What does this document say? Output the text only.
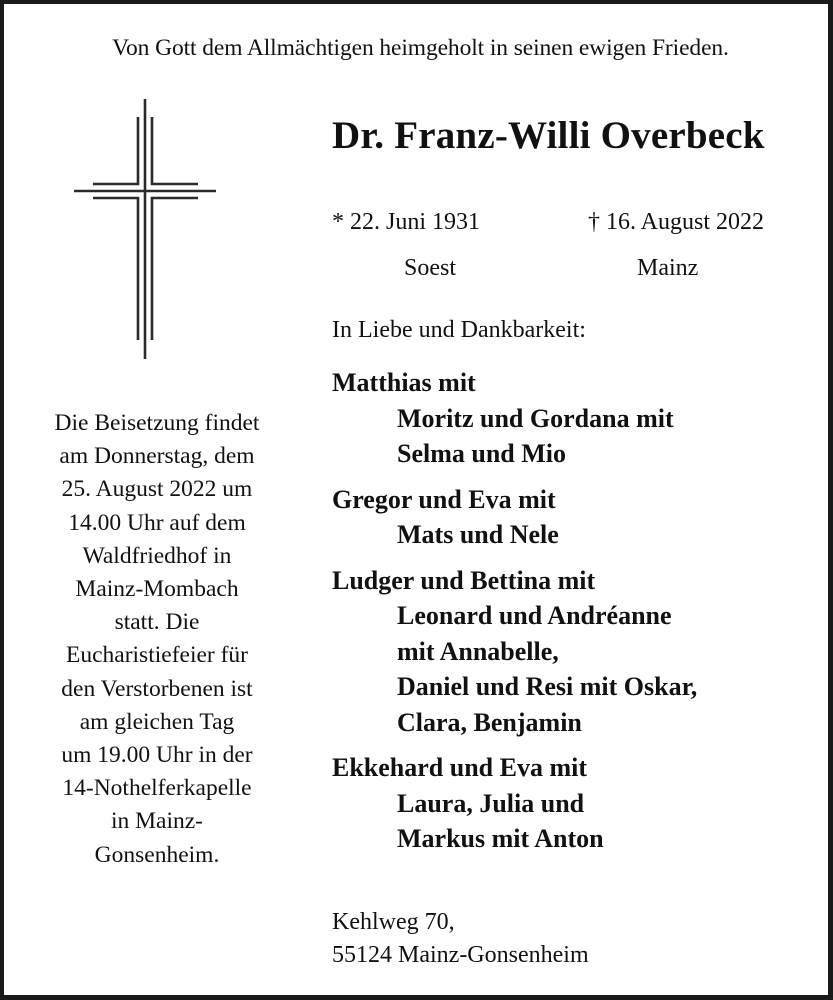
Von Gott dem Allmächtigen heimgeholt in seinen ewigen Frieden.
Dr. Franz-Willi Overbeck
* 22. Juni 1931	† 16. August 2022
Soest	Mainz
Die Beisetzung findet
am Donnerstag, dem
25. August 2022 um
14.00 Uhr auf dem
Waldfriedhof in
Mainz-Mombach
statt. Die
Eucharistiefeier für
den Verstorbenen ist
am gleichen Tag
um 19.00 Uhr in der
14-Nothelferkapelle
in Mainz-
Gonsenheim.
In Liebe und Dankbarkeit:
Matthias mit
Moritz und Gordana mit
Selma und Mio
Gregor und Eva mit
Mats und Nele
Ludger und Bettina mit
Leonard und Andréanne
mit Annabelle,
Daniel und Resi mit Oskar,
Clara, Benjamin
Ekkehard und Eva mit
Laura, Julia und
Markus mit Anton
Kehlweg 70,
55124 Mainz-Gonsenheim
